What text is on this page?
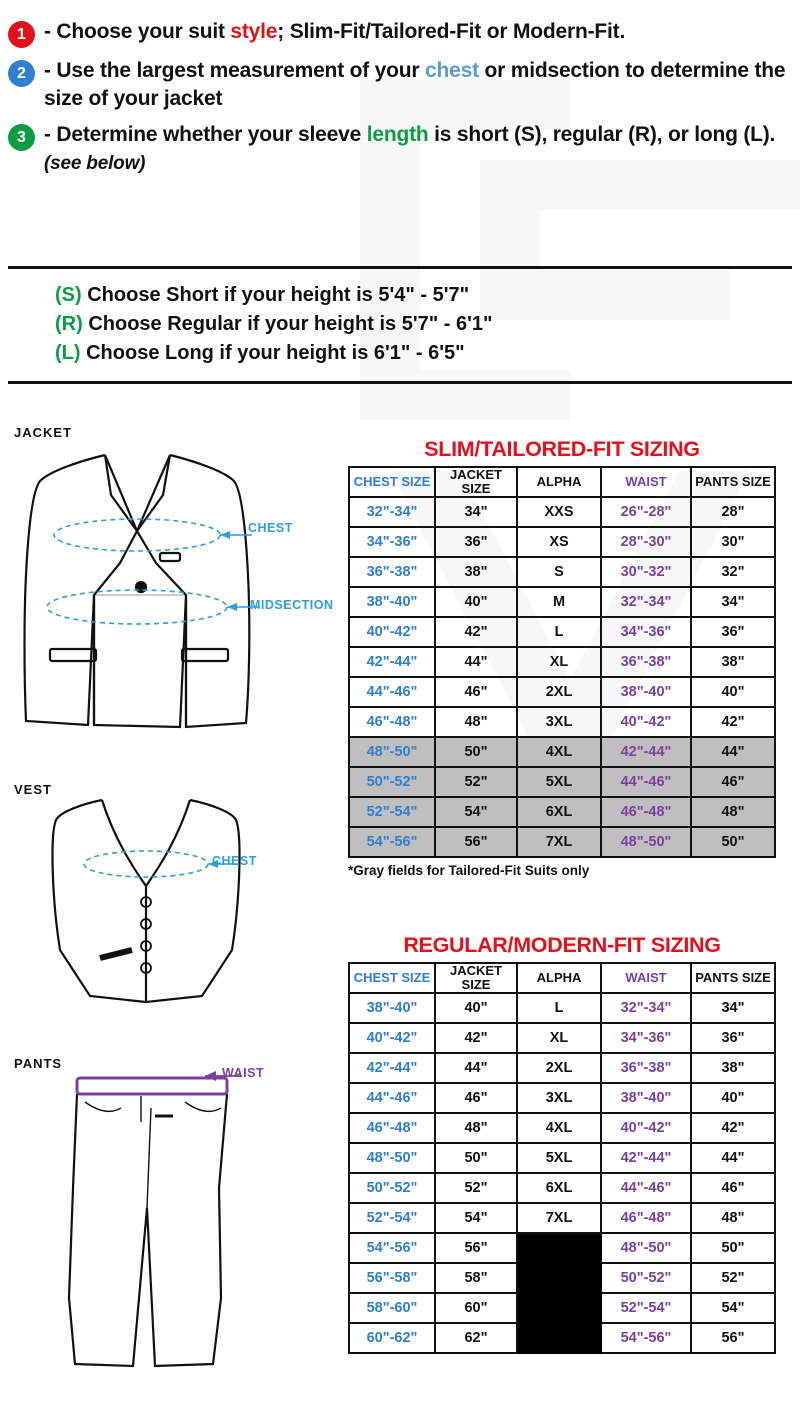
1 - Choose your suit style; Slim-Fit/Tailored-Fit or Modern-Fit.
2 - Use the largest measurement of your chest or midsection to determine the size of your jacket
3 - Determine whether your sleeve length is short (S), regular (R), or long (L). (see below)
(S) Choose Short if your height is 5'4" - 5'7"
(R) Choose Regular if your height is 5'7" - 6'1"
(L) Choose Long if your height is 6'1" - 6'5"
JACKET
CHEST
MIDSECTION
VEST
CHEST
PANTS
WAIST
SLIM/TAILORED-FIT SIZING
CHEST SIZE	JACKET SIZE	ALPHA	WAIST	PANTS SIZE
32"-34"	34"	XXS	26"-28"	28"
34"-36"	36"	XS	28"-30"	30"
36"-38"	38"	S	30"-32"	32"
38"-40"	40"	M	32"-34"	34"
40"-42"	42"	L	34"-36"	36"
42"-44"	44"	XL	36"-38"	38"
44"-46"	46"	2XL	38"-40"	40"
46"-48"	48"	3XL	40"-42"	42"
48"-50"	50"	4XL	42"-44"	44"
50"-52"	52"	5XL	44"-46"	46"
52"-54"	54"	6XL	46"-48"	48"
54"-56"	56"	7XL	48"-50"	50"
*Gray fields for Tailored-Fit Suits only
REGULAR/MODERN-FIT SIZING
CHEST SIZE	JACKET SIZE	ALPHA	WAIST	PANTS SIZE
38"-40"	40"	L	32"-34"	34"
40"-42"	42"	XL	34"-36"	36"
42"-44"	44"	2XL	36"-38"	38"
44"-46"	46"	3XL	38"-40"	40"
46"-48"	48"	4XL	40"-42"	42"
48"-50"	50"	5XL	42"-44"	44"
50"-52"	52"	6XL	44"-46"	46"
52"-54"	54"	7XL	46"-48"	48"
54"-56"	56"		48"-50"	50"
56"-58"	58"		50"-52"	52"
58"-60"	60"		52"-54"	54"
60"-62"	62"		54"-56"	56"
